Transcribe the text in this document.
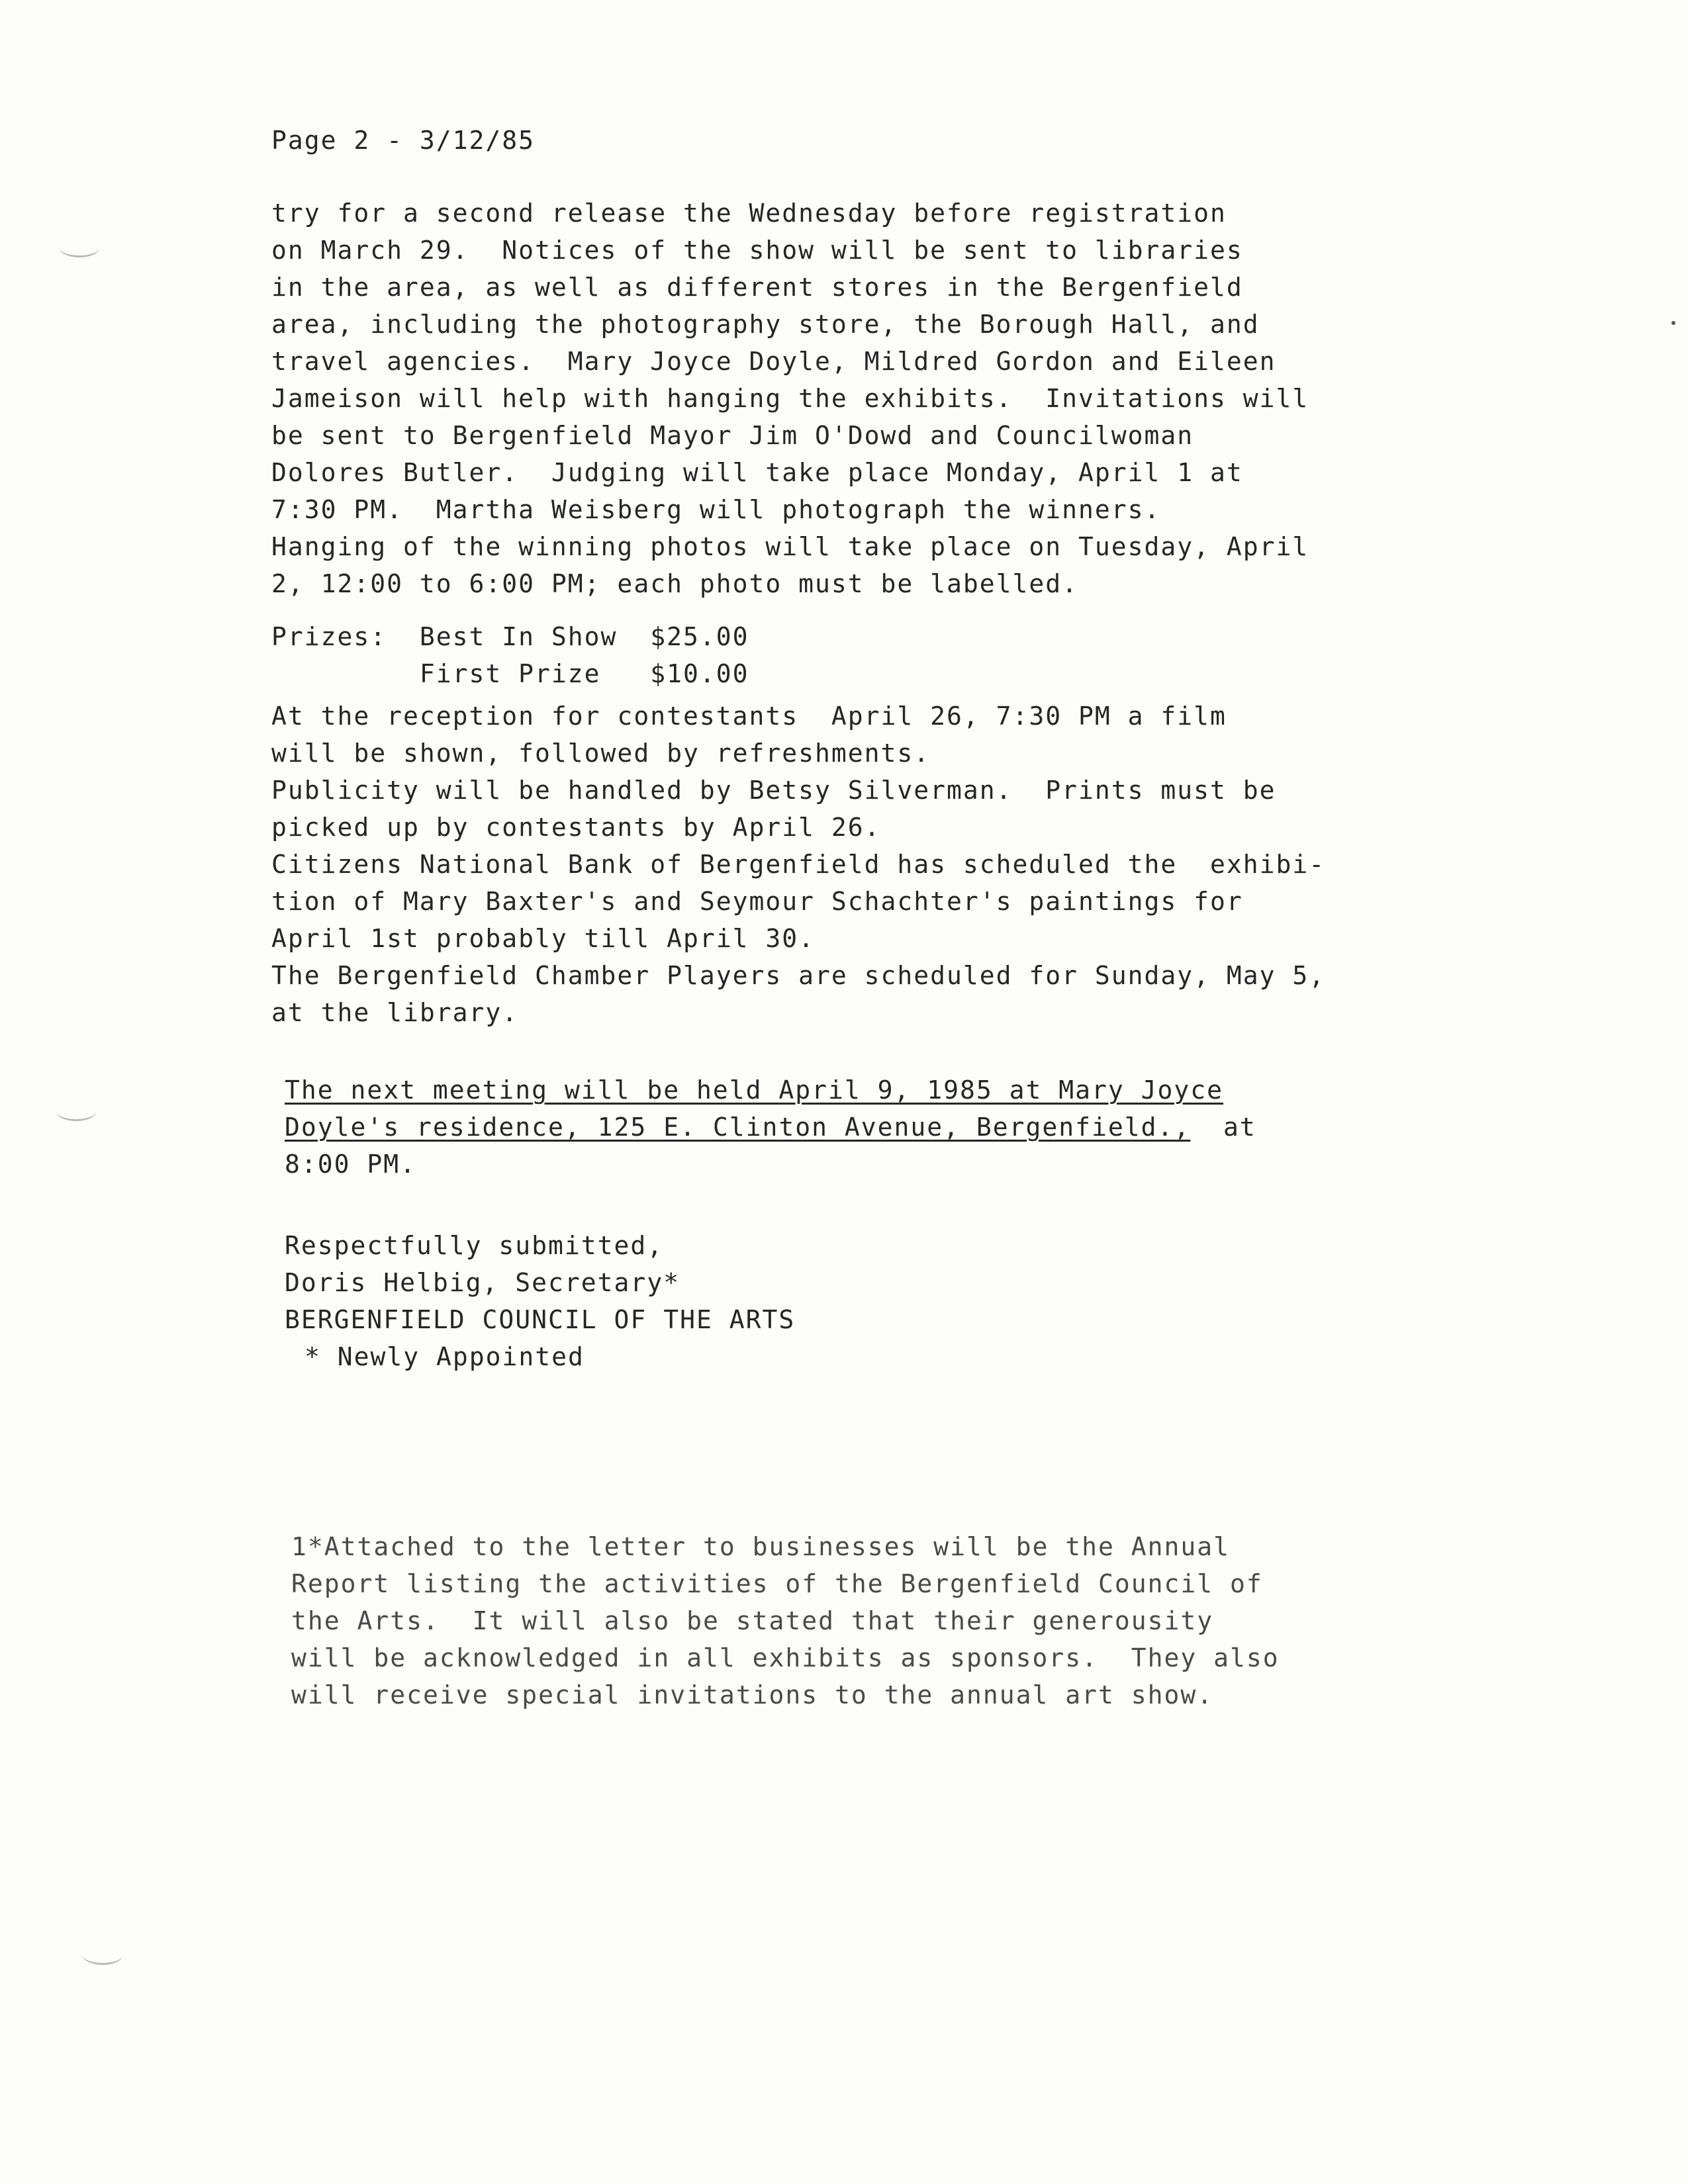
Page 2 - 3/12/85
try for a second release the Wednesday before registration
on March 29.  Notices of the show will be sent to libraries
in the area, as well as different stores in the Bergenfield
area, including the photography store, the Borough Hall, and
travel agencies.  Mary Joyce Doyle, Mildred Gordon and Eileen
Jameison will help with hanging the exhibits.  Invitations will
be sent to Bergenfield Mayor Jim O'Dowd and Councilwoman
Dolores Butler.  Judging will take place Monday, April 1 at
7:30 PM.  Martha Weisberg will photograph the winners.
Hanging of the winning photos will take place on Tuesday, April
2, 12:00 to 6:00 PM; each photo must be labelled.
Prizes:  Best In Show  $25.00
First Prize   $10.00
At the reception for contestants  April 26, 7:30 PM a film
will be shown, followed by refreshments.
Publicity will be handled by Betsy Silverman.  Prints must be
picked up by contestants by April 26.
Citizens National Bank of Bergenfield has scheduled the  exhibi-
tion of Mary Baxter's and Seymour Schachter's paintings for
April 1st probably till April 30.
The Bergenfield Chamber Players are scheduled for Sunday, May 5,
at the library.
The next meeting will be held April 9, 1985 at Mary Joyce
Doyle's residence, 125 E. Clinton Avenue, Bergenfield.,  at
8:00 PM.
Respectfully submitted,
Doris Helbig, Secretary*
BERGENFIELD COUNCIL OF THE ARTS
* Newly Appointed
1*Attached to the letter to businesses will be the Annual
Report listing the activities of the Bergenfield Council of
the Arts.  It will also be stated that their generousity
will be acknowledged in all exhibits as sponsors.  They also
will receive special invitations to the annual art show.
